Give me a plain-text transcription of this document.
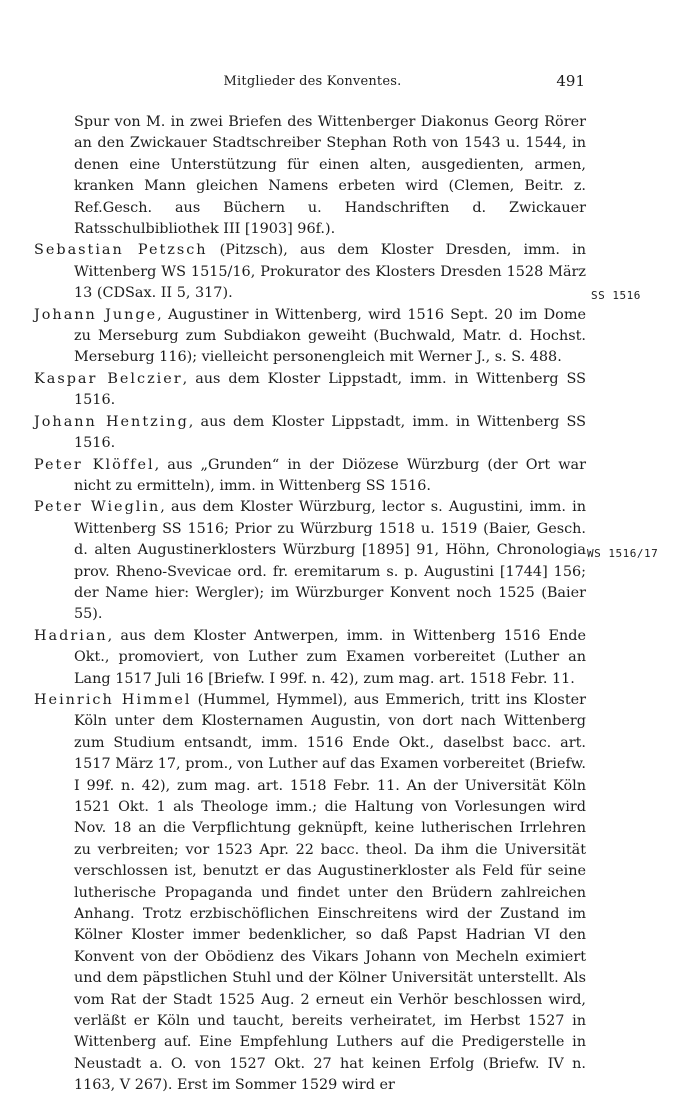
Mitglieder des Konventes.	491

Spur von M. in zwei Briefen des Wittenberger Diakonus Georg Rörer an den Zwickauer Stadtschreiber Stephan Roth von 1543 u. 1544, in denen eine Unterstützung für einen alten, ausgedienten, armen, kranken Mann gleichen Namens erbeten wird (Clemen, Beitr. z. Ref.Gesch. aus Büchern u. Handschriften d. Zwickauer Ratsschulbibliothek III [1903] 96f.).

Sebastian Petzsch (Pitzsch), aus dem Kloster Dresden, imm. in Wittenberg WS 1515/16, Prokurator des Klosters Dresden 1528 März 13 (CDSax. II 5, 317).

Johann Junge, Augustiner in Wittenberg, wird 1516 Sept. 20 im Dome zu Merseburg zum Subdiakon geweiht (Buchwald, Matr. d. Hochst. Merseburg 116); vielleicht personengleich mit Werner J., s. S. 488.

Kaspar Belczier, aus dem Kloster Lippstadt, imm. in Wittenberg SS 1516.

Johann Hentzing, aus dem Kloster Lippstadt, imm. in Wittenberg SS 1516.

Peter Klöffel, aus „Grunden“ in der Diözese Würzburg (der Ort war nicht zu ermitteln), imm. in Wittenberg SS 1516.

Peter Wieglin, aus dem Kloster Würzburg, lector s. Augustini, imm. in Wittenberg SS 1516; Prior zu Würzburg 1518 u. 1519 (Baier, Gesch. d. alten Augustinerklosters Würzburg [1895] 91, Höhn, Chronologia prov. Rheno-Svevicae ord. fr. eremitarum s. p. Augustini [1744] 156; der Name hier: Wergler); im Würzburger Konvent noch 1525 (Baier 55).

Hadrian, aus dem Kloster Antwerpen, imm. in Wittenberg 1516 Ende Okt., promoviert, von Luther zum Examen vorbereitet (Luther an Lang 1517 Juli 16 [Briefw. I 99f. n. 42), zum mag. art. 1518 Febr. 11.

Heinrich Himmel (Hummel, Hymmel), aus Emmerich, tritt ins Kloster Köln unter dem Klosternamen Augustin, von dort nach Wittenberg zum Studium entsandt, imm. 1516 Ende Okt., daselbst bacc. art. 1517 März 17, prom., von Luther auf das Examen vorbereitet (Briefw. I 99f. n. 42), zum mag. art. 1518 Febr. 11. An der Universität Köln 1521 Okt. 1 als Theologe imm.; die Haltung von Vorlesungen wird Nov. 18 an die Verpflichtung geknüpft, keine lutherischen Irrlehren zu verbreiten; vor 1523 Apr. 22 bacc. theol. Da ihm die Universität verschlossen ist, benutzt er das Augustinerkloster als Feld für seine lutherische Propaganda und findet unter den Brüdern zahlreichen Anhang. Trotz erzbischöflichen Einschreitens wird der Zustand im Kölner Kloster immer bedenklicher, so daß Papst Hadrian VI den Konvent von der Obödienz des Vikars Johann von Mecheln eximiert und dem päpstlichen Stuhl und der Kölner Universität unterstellt. Als vom Rat der Stadt 1525 Aug. 2 erneut ein Verhör beschlossen wird, verläßt er Köln und taucht, bereits verheiratet, im Herbst 1527 in Wittenberg auf. Eine Empfehlung Luthers auf die Predigerstelle in Neustadt a. O. von 1527 Okt. 27 hat keinen Erfolg (Briefw. IV n. 1163, V 267). Erst im Sommer 1529 wird er

SS 1516
WS 1516/17
